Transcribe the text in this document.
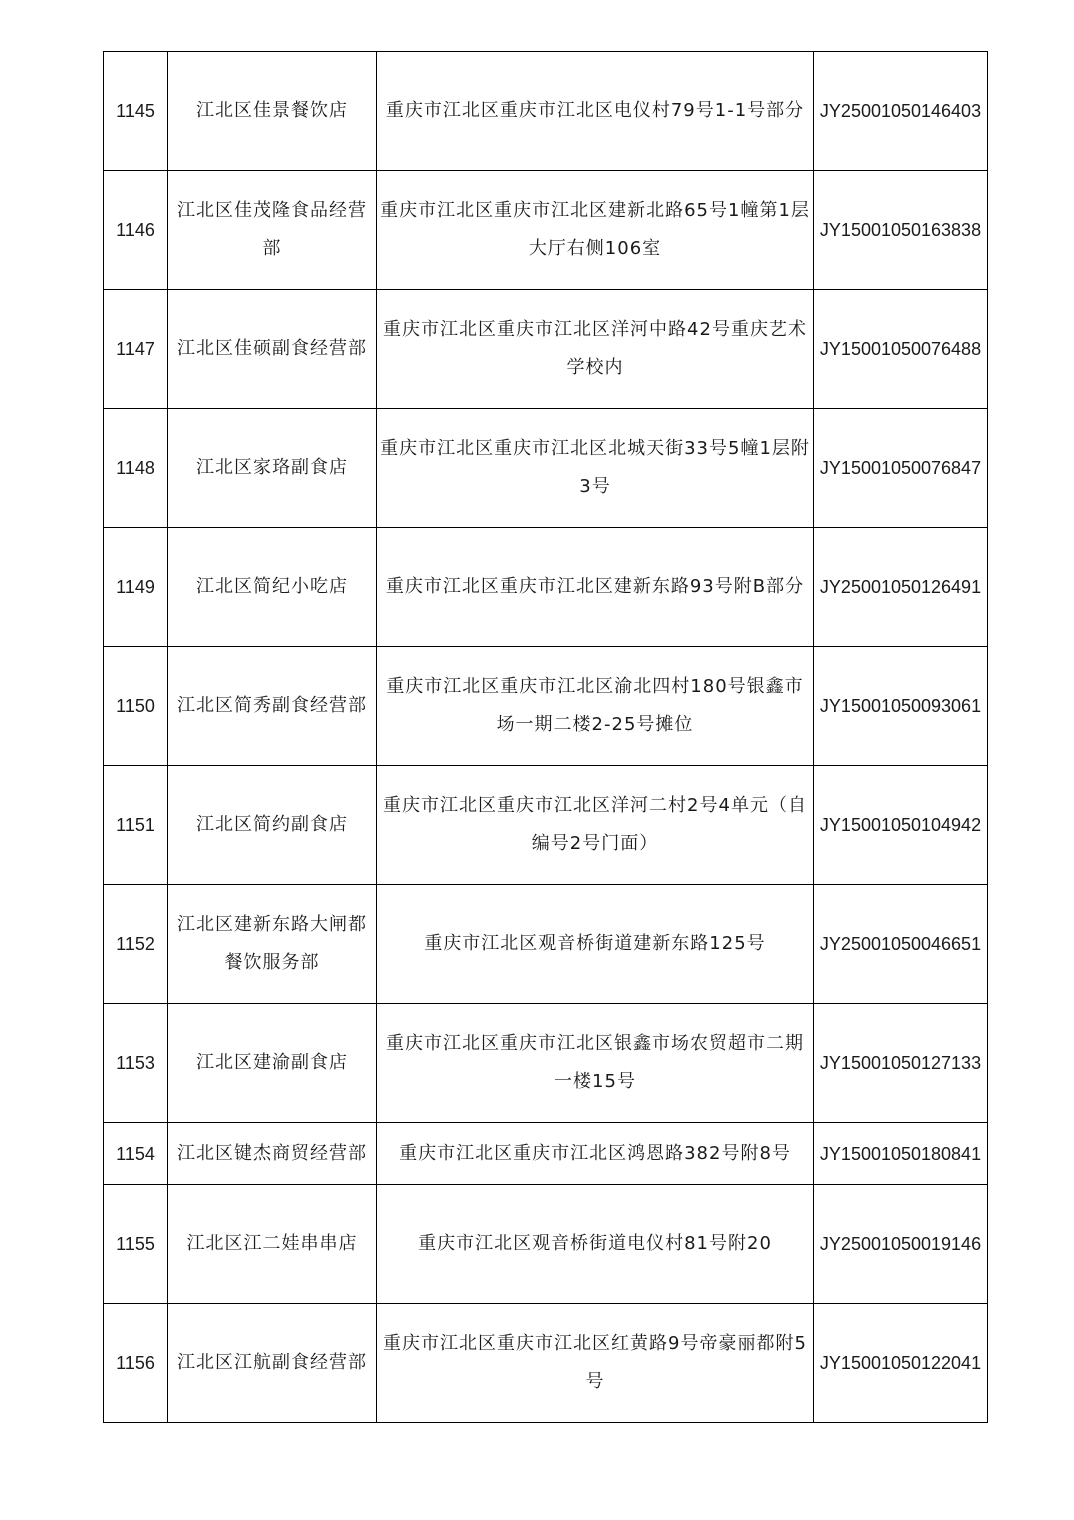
1145	江北区佳景餐饮店	重庆市江北区重庆市江北区电仪村79号1-1号部分	JY25001050146403
1146	江北区佳茂隆食品经营部	重庆市江北区重庆市江北区建新北路65号1幢第1层大厅右侧106室	JY15001050163838
1147	江北区佳硕副食经营部	重庆市江北区重庆市江北区洋河中路42号重庆艺术学校内	JY15001050076488
1148	江北区家珞副食店	重庆市江北区重庆市江北区北城天街33号5幢1层附3号	JY15001050076847
1149	江北区简纪小吃店	重庆市江北区重庆市江北区建新东路93号附B部分	JY25001050126491
1150	江北区简秀副食经营部	重庆市江北区重庆市江北区渝北四村180号银鑫市场一期二楼2-25号摊位	JY15001050093061
1151	江北区简约副食店	重庆市江北区重庆市江北区洋河二村2号4单元（自编号2号门面）	JY15001050104942
1152	江北区建新东路大闸都餐饮服务部	重庆市江北区观音桥街道建新东路125号	JY25001050046651
1153	江北区建渝副食店	重庆市江北区重庆市江北区银鑫市场农贸超市二期一楼15号	JY15001050127133
1154	江北区键杰商贸经营部	重庆市江北区重庆市江北区鸿恩路382号附8号	JY15001050180841
1155	江北区江二娃串串店	重庆市江北区观音桥街道电仪村81号附20	JY25001050019146
1156	江北区江航副食经营部	重庆市江北区重庆市江北区红黄路9号帝豪丽都附5号	JY15001050122041
